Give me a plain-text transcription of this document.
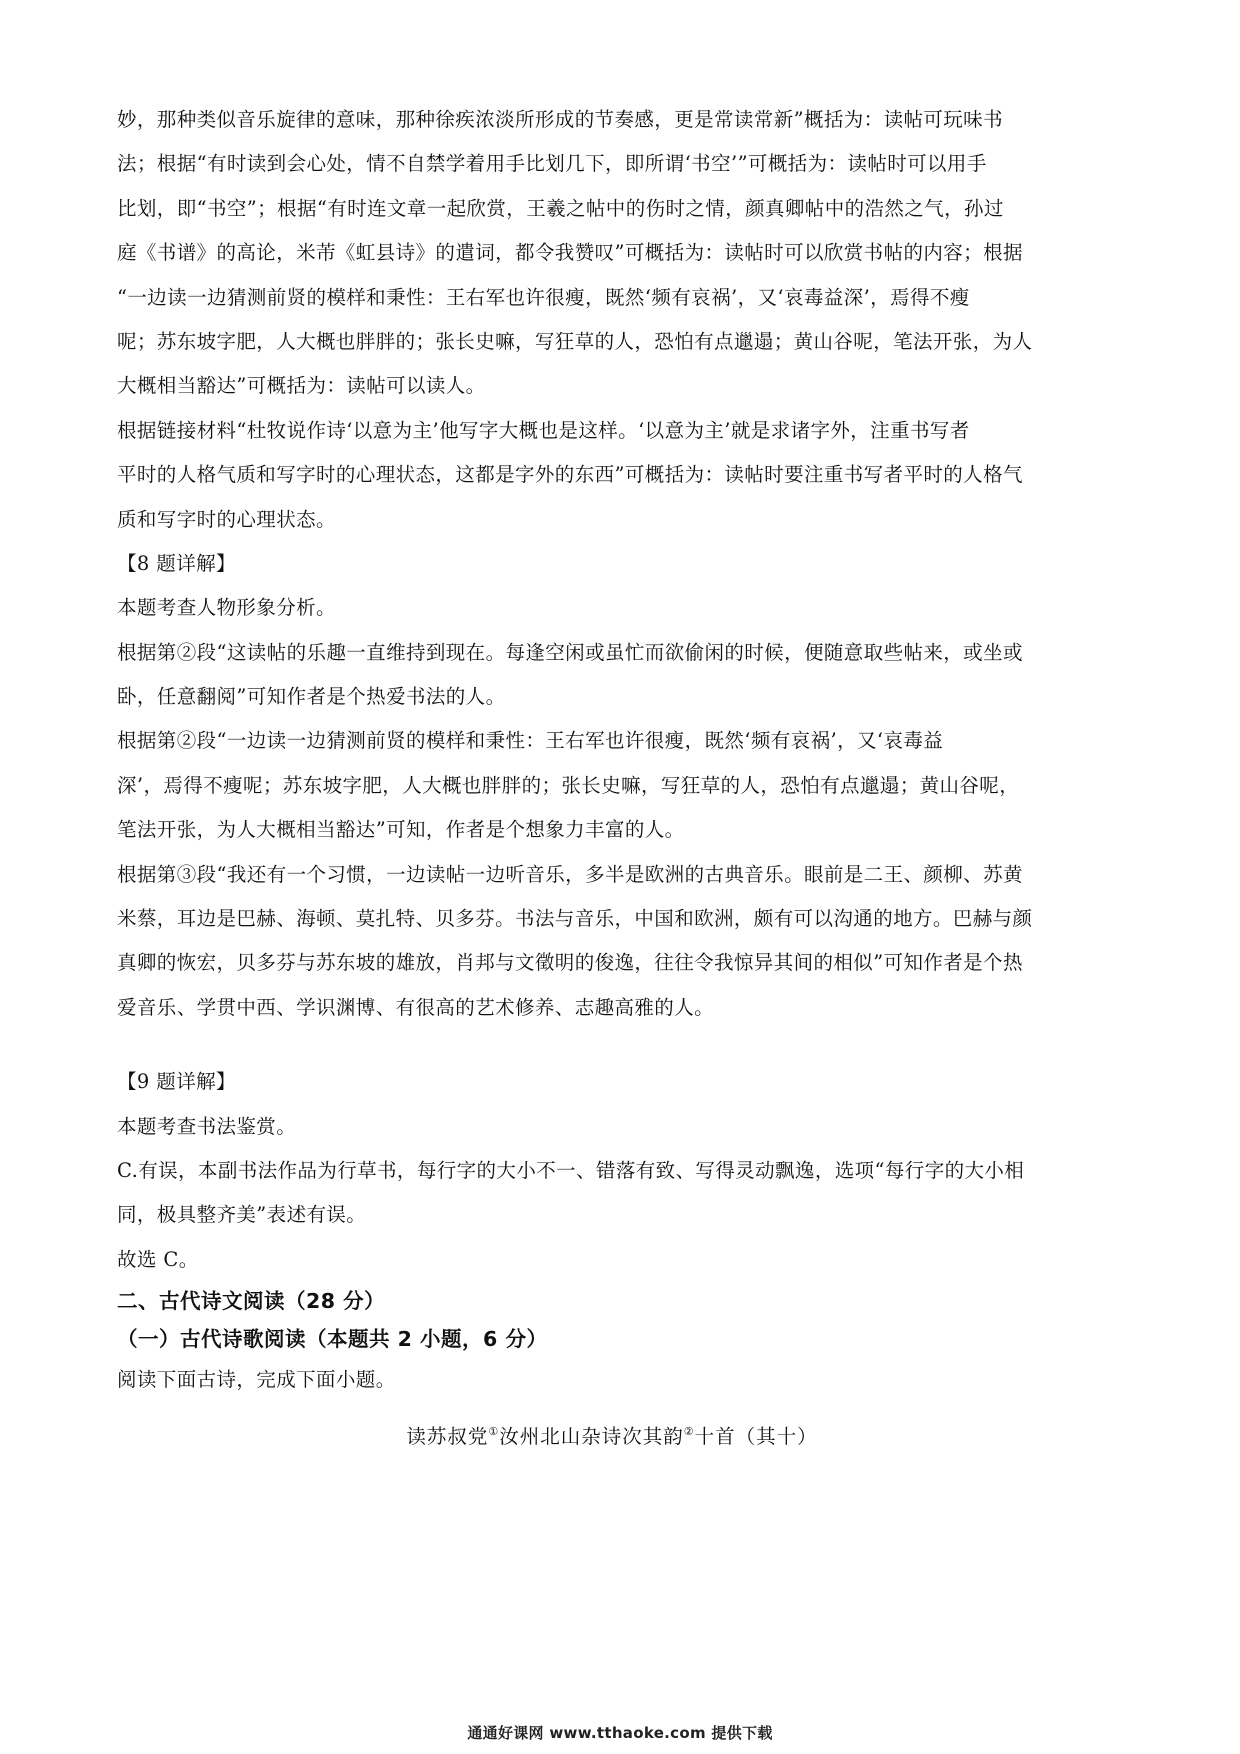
妙，那种类似音乐旋律的意味，那种徐疾浓淡所形成的节奏感，更是常读常新”概括为：读帖可玩味书
法；根据“有时读到会心处，情不自禁学着用手比划几下，即所谓‘书空’”可概括为：读帖时可以用手
比划，即“书空”；根据“有时连文章一起欣赏，王羲之帖中的伤时之情，颜真卿帖中的浩然之气，孙过
庭《书谱》的高论，米芾《虹县诗》的遣词，都令我赞叹”可概括为：读帖时可以欣赏书帖的内容；根据
“一边读一边猜测前贤的模样和秉性：王右军也许很瘦，既然‘频有哀祸’，又‘哀毒益深’，焉得不瘦
呢；苏东坡字肥，人大概也胖胖的；张长史嘛，写狂草的人，恐怕有点邋遢；黄山谷呢，笔法开张，为人
大概相当豁达”可概括为：读帖可以读人。
根据链接材料“杜牧说作诗‘以意为主’他写字大概也是这样。‘以意为主’就是求诸字外，注重书写者
平时的人格气质和写字时的心理状态，这都是字外的东西”可概括为：读帖时要注重书写者平时的人格气
质和写字时的心理状态。
【8 题详解】
本题考查人物形象分析。
根据第②段“这读帖的乐趣一直维持到现在。每逢空闲或虽忙而欲偷闲的时候，便随意取些帖来，或坐或
卧，任意翻阅”可知作者是个热爱书法的人。
根据第②段“一边读一边猜测前贤的模样和秉性：王右军也许很瘦，既然‘频有哀祸’，又‘哀毒益
深’，焉得不瘦呢；苏东坡字肥，人大概也胖胖的；张长史嘛，写狂草的人，恐怕有点邋遢；黄山谷呢，
笔法开张，为人大概相当豁达”可知，作者是个想象力丰富的人。
根据第③段“我还有一个习惯，一边读帖一边听音乐，多半是欧洲的古典音乐。眼前是二王、颜柳、苏黄
米蔡，耳边是巴赫、海顿、莫扎特、贝多芬。书法与音乐，中国和欧洲，颇有可以沟通的地方。巴赫与颜
真卿的恢宏，贝多芬与苏东坡的雄放，肖邦与文徵明的俊逸，往往令我惊异其间的相似”可知作者是个热
爱音乐、学贯中西、学识渊博、有很高的艺术修养、志趣高雅的人。
【9 题详解】
本题考查书法鉴赏。
C.有误，本副书法作品为行草书，每行字的大小不一、错落有致、写得灵动飘逸，选项“每行字的大小相
同，极具整齐美”表述有误。
故选 C。
二、古代诗文阅读（28 分）
（一）古代诗歌阅读（本题共 2 小题，6 分）
阅读下面古诗，完成下面小题。
读苏叔党①汝州北山杂诗次其韵②十首（其十）
通通好课网 www.tthaoke.com 提供下载
